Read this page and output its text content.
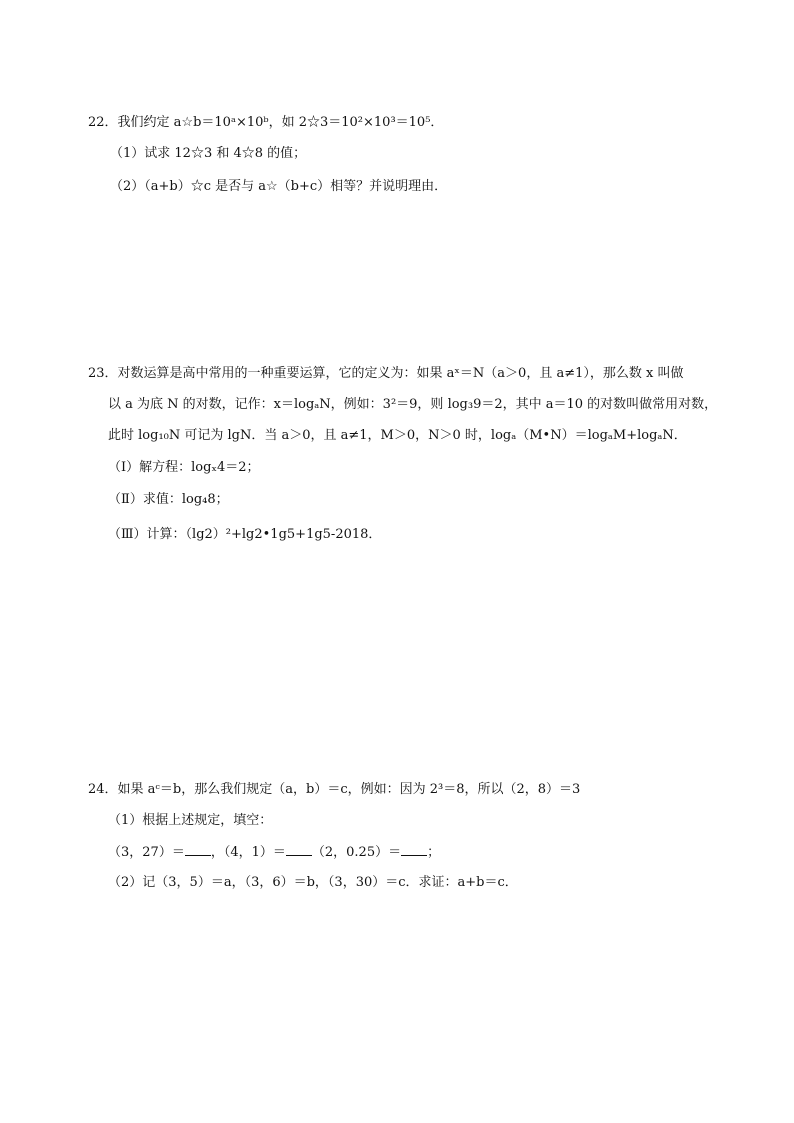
22．我们约定 a☆b＝10ᵃ×10ᵇ，如 2☆3＝10²×10³＝10⁵．
（1）试求 12☆3 和 4☆8 的值；
（2）（a+b）☆c 是否与 a☆（b+c）相等？并说明理由．
23．对数运算是高中常用的一种重要运算，它的定义为：如果 aˣ＝N（a＞0，且 a≠1），那么数 x 叫做
以 a 为底 N 的对数，记作：x＝logₐN，例如：3²＝9，则 log₃9＝2，其中 a＝10 的对数叫做常用对数，
此时 log₁₀N 可记为 lgN．当 a＞0，且 a≠1，M＞0，N＞0 时，logₐ（M•N）＝logₐM+logₐN．
（I）解方程：logₓ4＝2；
（Ⅱ）求值：log₄8；
（Ⅲ）计算：（lg2）²+lg2•1g5+1g5-2018．
24．如果 aᶜ＝b，那么我们规定（a，b）＝c，例如：因为 2³＝8，所以（2，8）＝3
（1）根据上述规定，填空：
（3，27）＝ ，（4，1）＝ （2，0.25）＝ ；
（2）记（3，5）＝a，（3，6）＝b，（3，30）＝c．求证：a+b＝c．
